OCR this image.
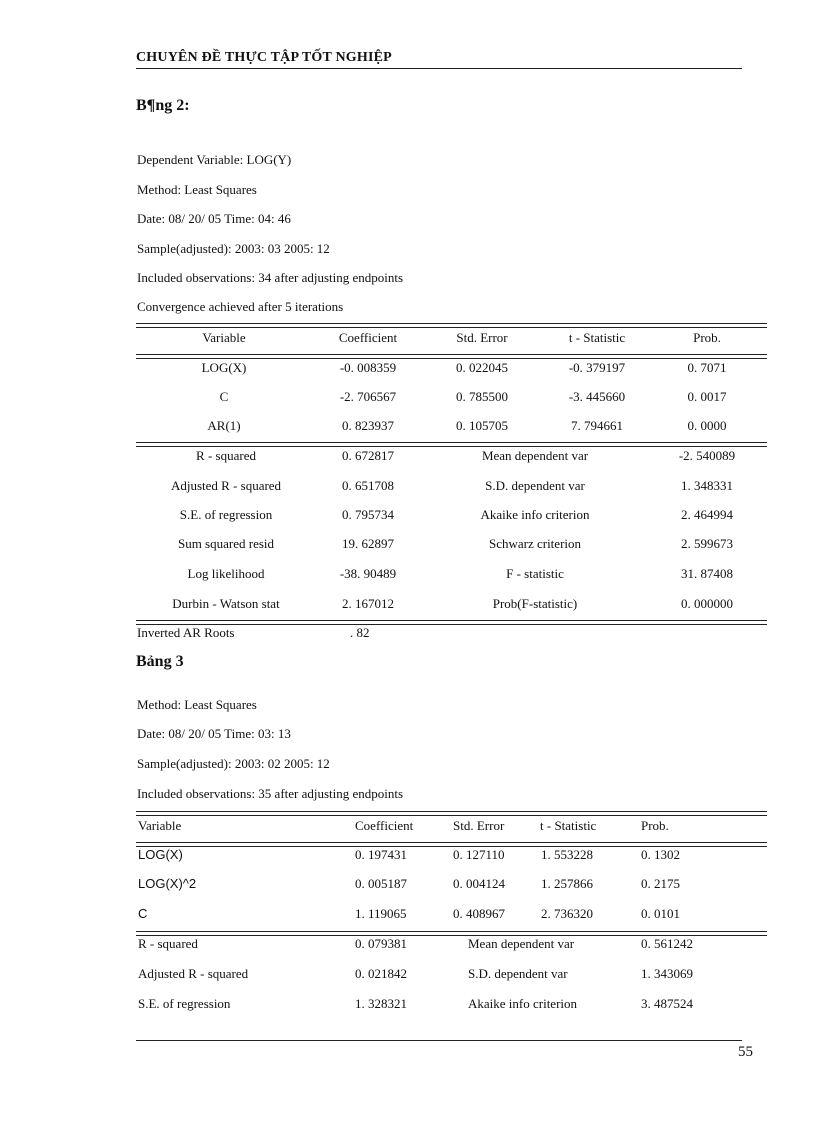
CHUYÊN ĐỀ THỰC TẬP TỐT NGHIỆP
B¶ng 2:
Dependent Variable: LOG(Y)
Method: Least Squares
Date: 08/ 20/ 05 Time: 04: 46
Sample(adjusted): 2003: 03 2005: 12
Included observations: 34 after adjusting endpoints
Convergence achieved after 5 iterations
Variable	Coefficient	Std. Error	t - Statistic	Prob.
LOG(X)	-0. 008359	0. 022045	-0. 379197	0. 7071
C	-2. 706567	0. 785500	-3. 445660	0. 0017
AR(1)	0. 823937	0. 105705	7. 794661	0. 0000
R - squared	0. 672817	Mean dependent var	-2. 540089
Adjusted R - squared	0. 651708	S.D. dependent var	1. 348331
S.E. of regression	0. 795734	Akaike info criterion	2. 464994
Sum squared resid	19. 62897	Schwarz criterion	2. 599673
Log likelihood	-38. 90489	F - statistic	31. 87408
Durbin - Watson stat	2. 167012	Prob(F-statistic)	0. 000000
Inverted AR Roots	. 82
Bảng 3
Method: Least Squares
Date: 08/ 20/ 05 Time: 03: 13
Sample(adjusted): 2003: 02 2005: 12
Included observations: 35 after adjusting endpoints
Variable	Coefficient	Std. Error	t - Statistic	Prob.
LOG(X)	0. 197431	0. 127110	1. 553228	0. 1302
LOG(X)^2	0. 005187	0. 004124	1. 257866	0. 2175
C	1. 119065	0. 408967	2. 736320	0. 0101
R - squared	0. 079381	Mean dependent var	0. 561242
Adjusted R - squared	0. 021842	S.D. dependent var	1. 343069
S.E. of regression	1. 328321	Akaike info criterion	3. 487524
55
